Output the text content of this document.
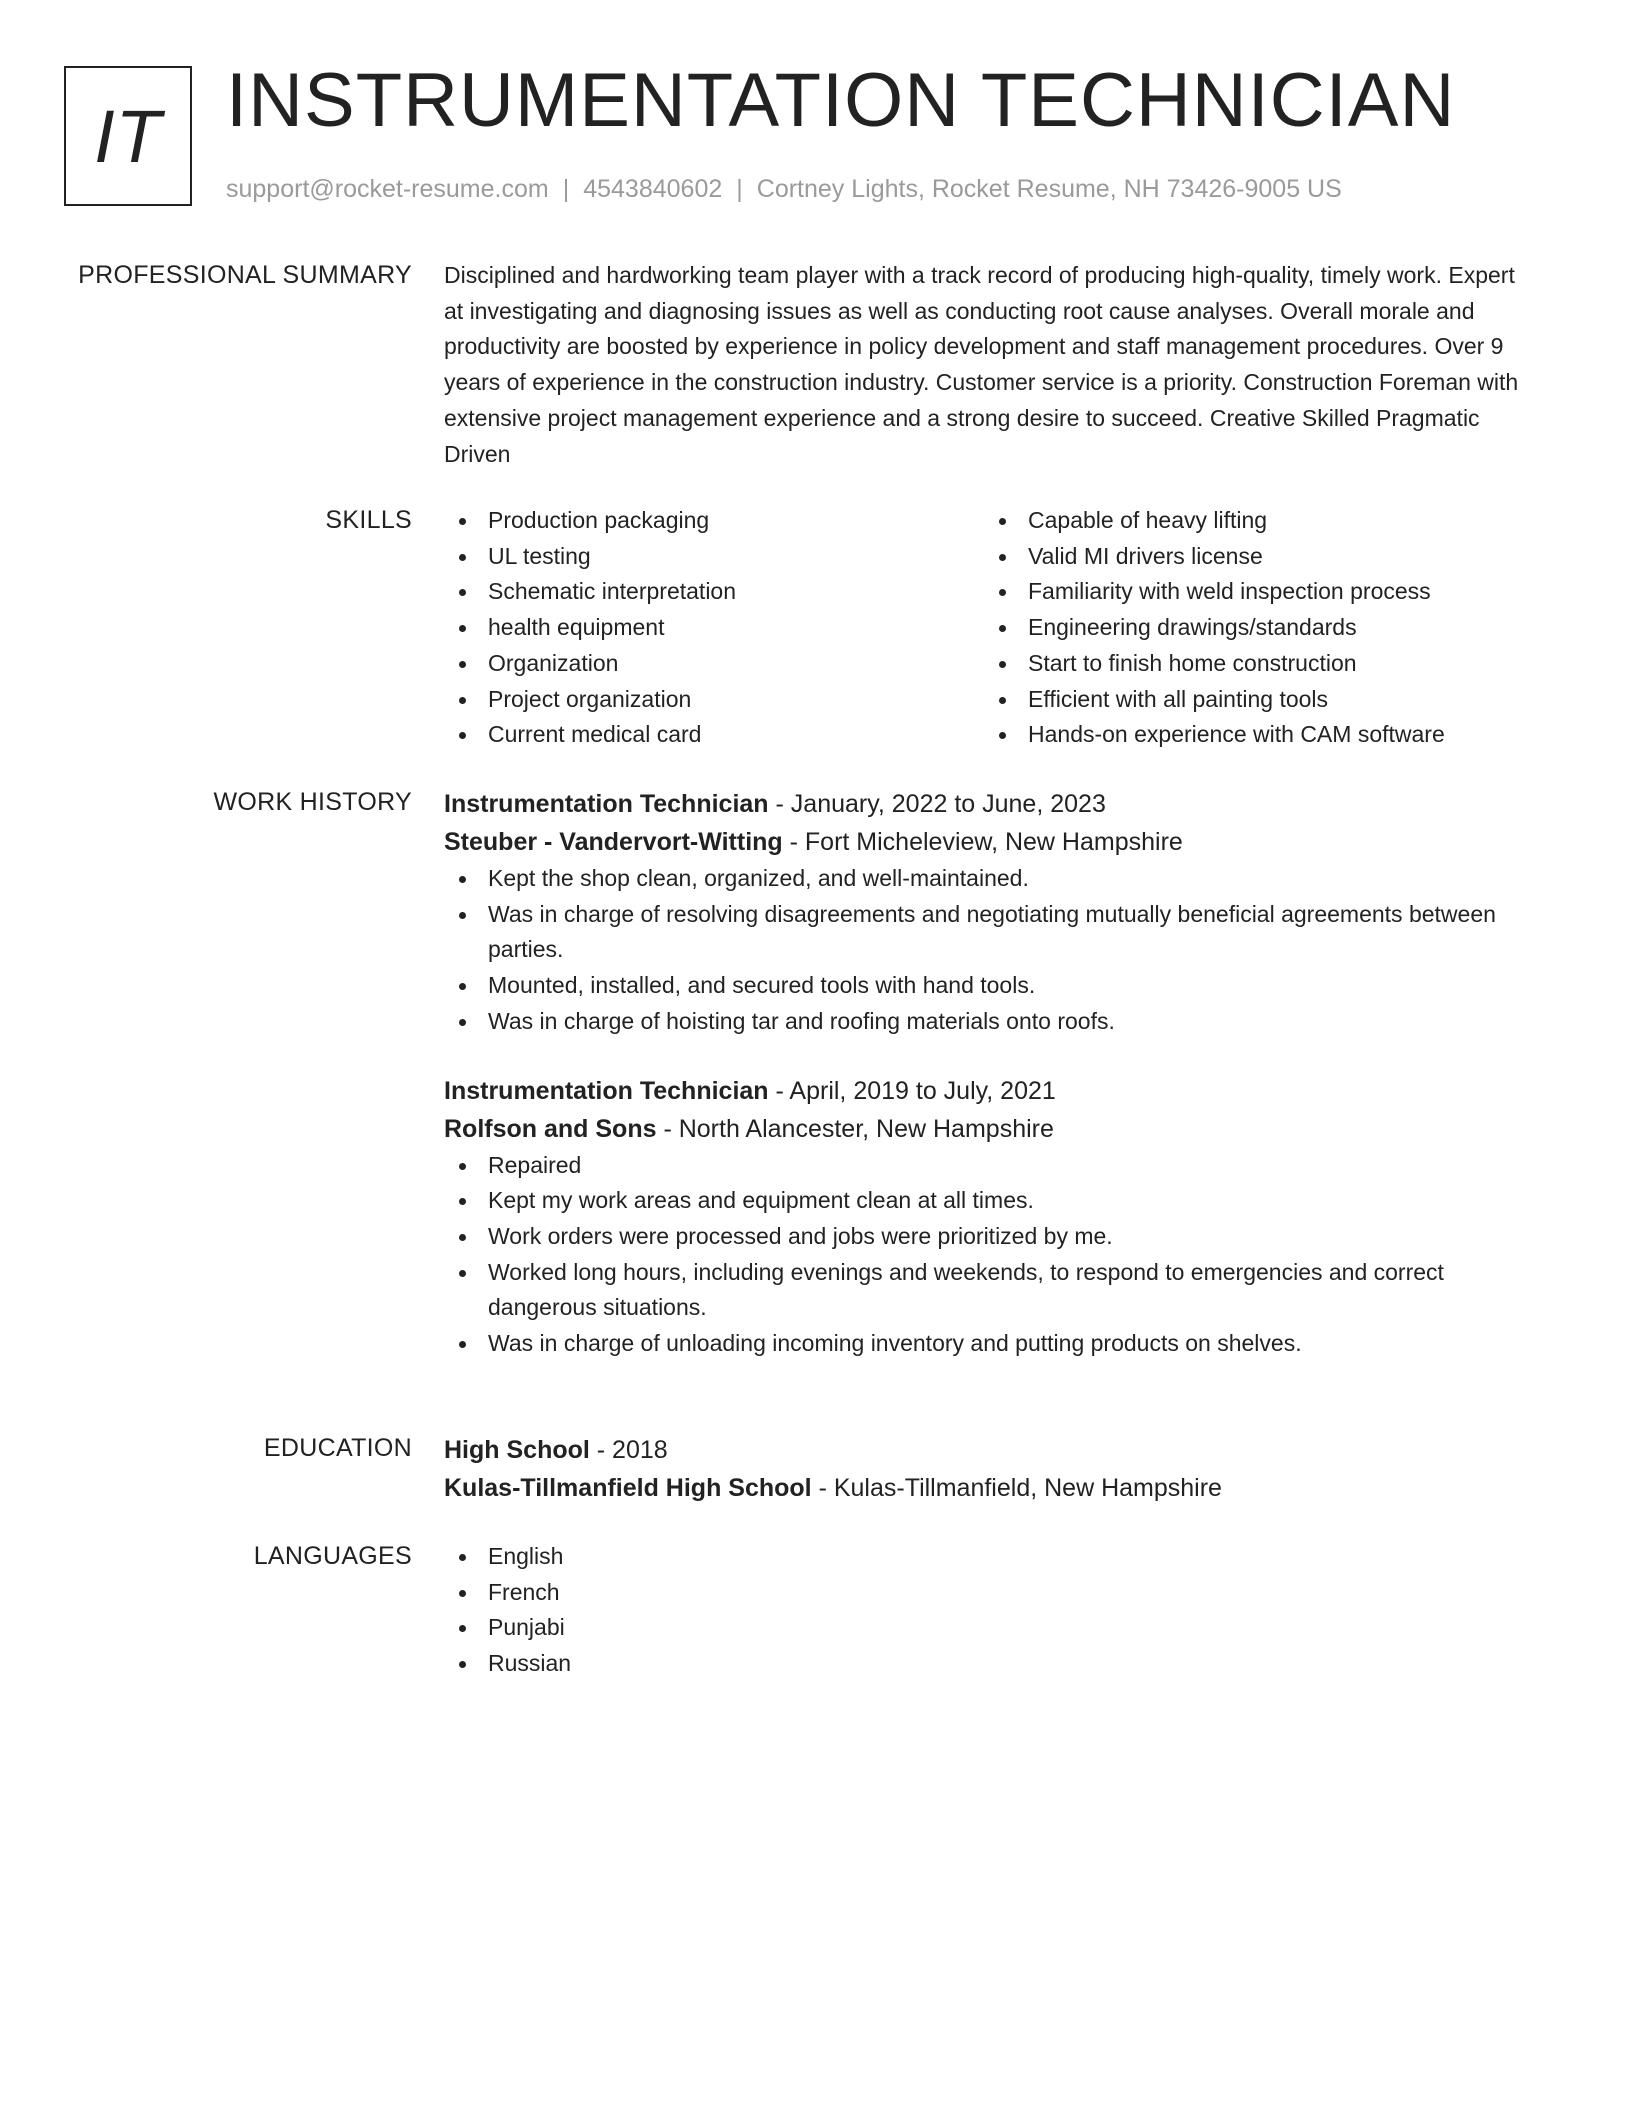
IT INSTRUMENTATION TECHNICIAN
support@rocket-resume.com | 4543840602 | Cortney Lights, Rocket Resume, NH 73426-9005 US
PROFESSIONAL SUMMARY Disciplined and hardworking team player with a track record of producing high-quality, timely work. Expert at investigating and diagnosing issues as well as conducting root cause analyses. Overall morale and productivity are boosted by experience in policy development and staff management procedures. Over 9 years of experience in the construction industry. Customer service is a priority. Construction Foreman with extensive project management experience and a strong desire to succeed. Creative Skilled Pragmatic Driven

SKILLS	Production packaging
UL testing
Schematic interpretation
health equipment
Organization
Project organization
Current medical card
Capable of heavy lifting
Valid MI drivers license
Familiarity with weld inspection process
Engineering drawings/standards
Start to finish home construction
Efficient with all painting tools
Hands-on experience with CAM software
WORK HISTORY Instrumentation Technician - January, 2022 to June, 2023
Steuber - Vandervort-Witting - Fort Micheleview, New Hampshire
Kept the shop clean, organized, and well-maintained.
Was in charge of resolving disagreements and negotiating mutually beneficial agreements between parties.
Mounted, installed, and secured tools with hand tools.
Was in charge of hoisting tar and roofing materials onto roofs.
Instrumentation Technician - April, 2019 to July, 2021
Rolfson and Sons - North Alancester, New Hampshire
Repaired
Kept my work areas and equipment clean at all times.
Work orders were processed and jobs were prioritized by me.
Worked long hours, including evenings and weekends, to respond to emergencies and correct dangerous situations.
Was in charge of unloading incoming inventory and putting products on shelves.
EDUCATION High School - 2018
Kulas-Tillmanfield High School - Kulas-Tillmanfield, New Hampshire
LANGUAGES	English
French
Punjabi
Russian
